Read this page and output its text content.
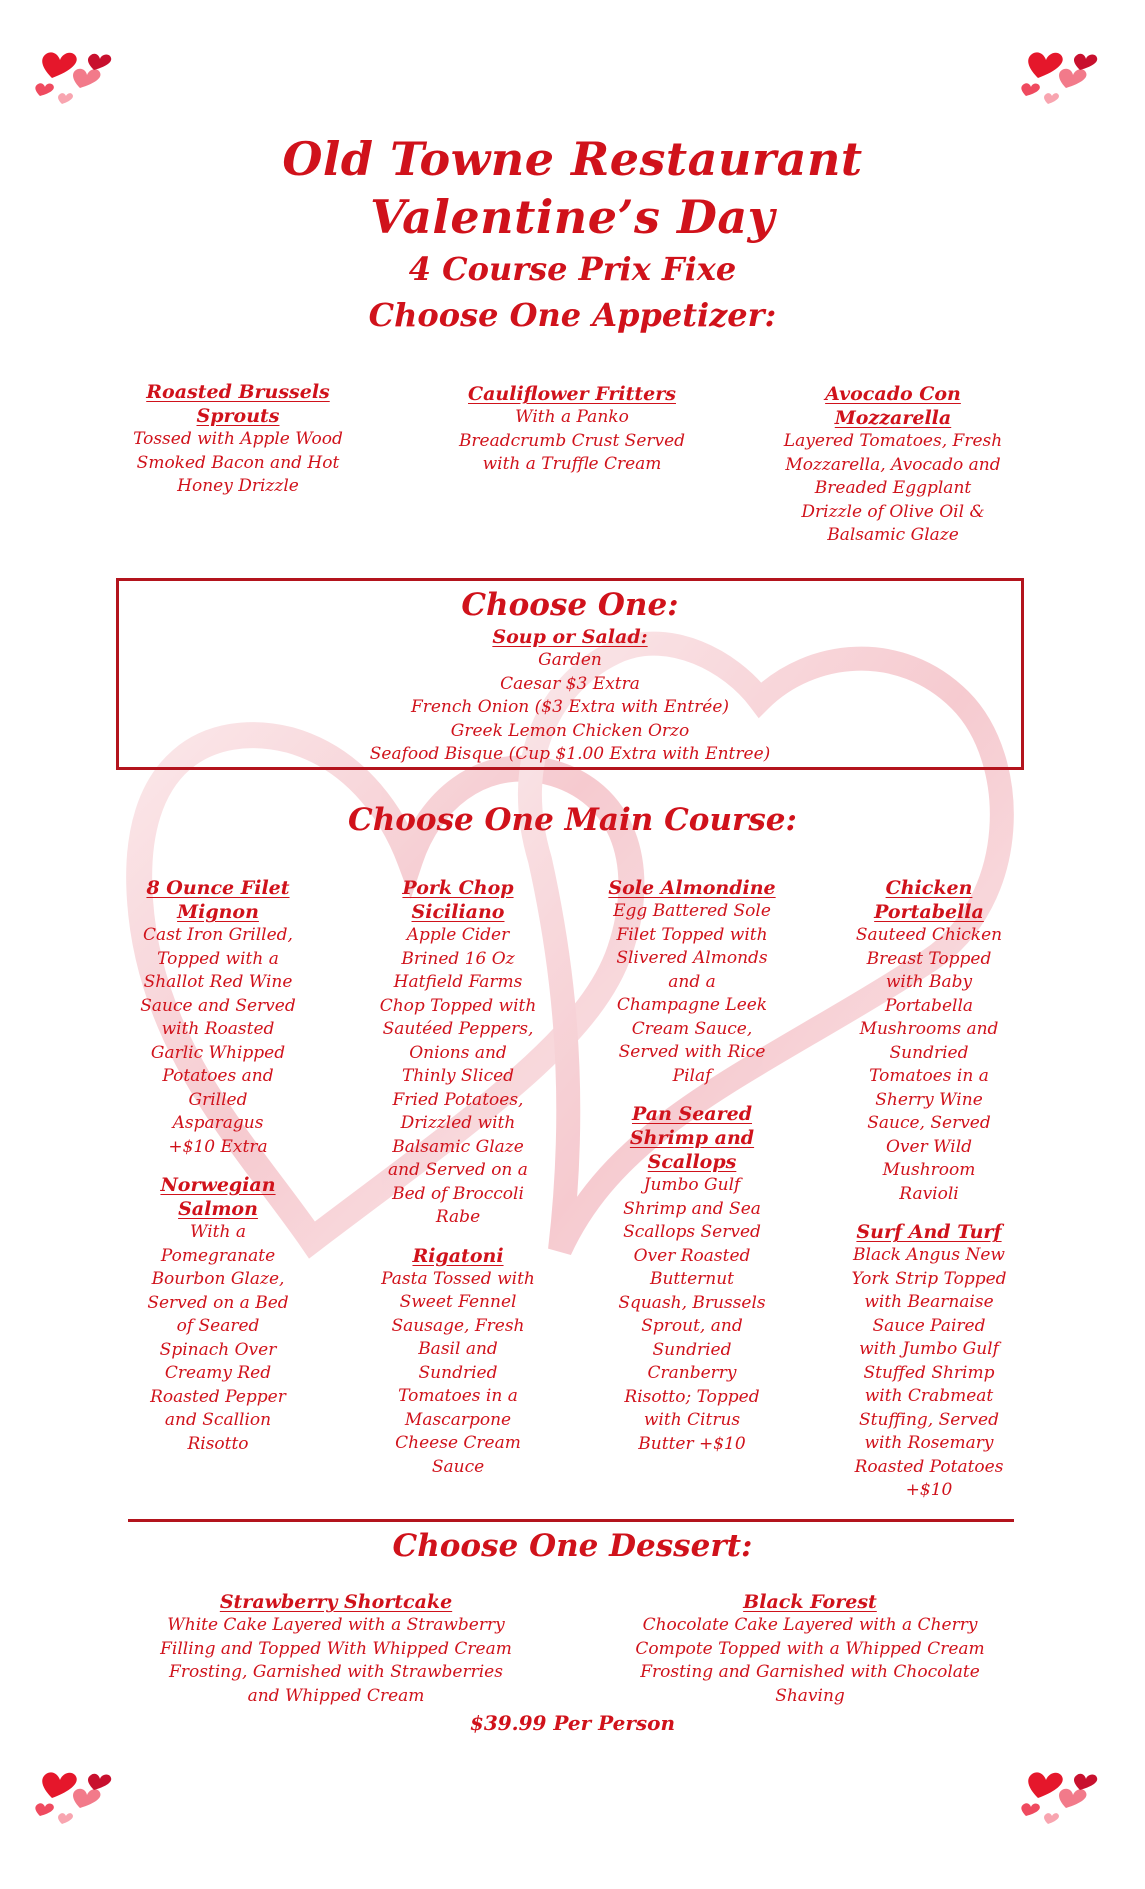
Old Towne Restaurant
Valentine’s Day
4 Course Prix Fixe
Choose One Appetizer:
Roasted Brussels
Sprouts
Tossed with Apple Wood
Smoked Bacon and Hot
Honey Drizzle
Cauliflower Fritters
With a Panko
Breadcrumb Crust Served
with a Truffle Cream
Avocado Con
Mozzarella
Layered Tomatoes, Fresh
Mozzarella, Avocado and
Breaded Eggplant
Drizzle of Olive Oil &
Balsamic Glaze
Choose One:
Soup or Salad:
Garden
Caesar $3 Extra
French Onion ($3 Extra with Entrée)
Greek Lemon Chicken Orzo
Seafood Bisque (Cup $1.00 Extra with Entree)
Choose One Main Course:
8 Ounce Filet
Mignon
Cast Iron Grilled,
Topped with a
Shallot Red Wine
Sauce and Served
with Roasted
Garlic Whipped
Potatoes and
Grilled
Asparagus
+$10 Extra
Norwegian
Salmon
With a
Pomegranate
Bourbon Glaze,
Served on a Bed
of Seared
Spinach Over
Creamy Red
Roasted Pepper
and Scallion
Risotto
Pork Chop
Siciliano
Apple Cider
Brined 16 Oz
Hatfield Farms
Chop Topped with
Sautéed Peppers,
Onions and
Thinly Sliced
Fried Potatoes,
Drizzled with
Balsamic Glaze
and Served on a
Bed of Broccoli
Rabe
Rigatoni
Pasta Tossed with
Sweet Fennel
Sausage, Fresh
Basil and
Sundried
Tomatoes in a
Mascarpone
Cheese Cream
Sauce
Sole Almondine
Egg Battered Sole
Filet Topped with
Slivered Almonds
and a
Champagne Leek
Cream Sauce,
Served with Rice
Pilaf
Pan Seared
Shrimp and
Scallops
Jumbo Gulf
Shrimp and Sea
Scallops Served
Over Roasted
Butternut
Squash, Brussels
Sprout, and
Sundried
Cranberry
Risotto; Topped
with Citrus
Butter +$10
Chicken
Portabella
Sauteed Chicken
Breast Topped
with Baby
Portabella
Mushrooms and
Sundried
Tomatoes in a
Sherry Wine
Sauce, Served
Over Wild
Mushroom
Ravioli
Surf And Turf
Black Angus New
York Strip Topped
with Bearnaise
Sauce Paired
with Jumbo Gulf
Stuffed Shrimp
with Crabmeat
Stuffing, Served
with Rosemary
Roasted Potatoes
+$10
Choose One Dessert:
Strawberry Shortcake
White Cake Layered with a Strawberry
Filling and Topped With Whipped Cream
Frosting, Garnished with Strawberries
and Whipped Cream
Black Forest
Chocolate Cake Layered with a Cherry
Compote Topped with a Whipped Cream
Frosting and Garnished with Chocolate
Shaving
$39.99 Per Person
